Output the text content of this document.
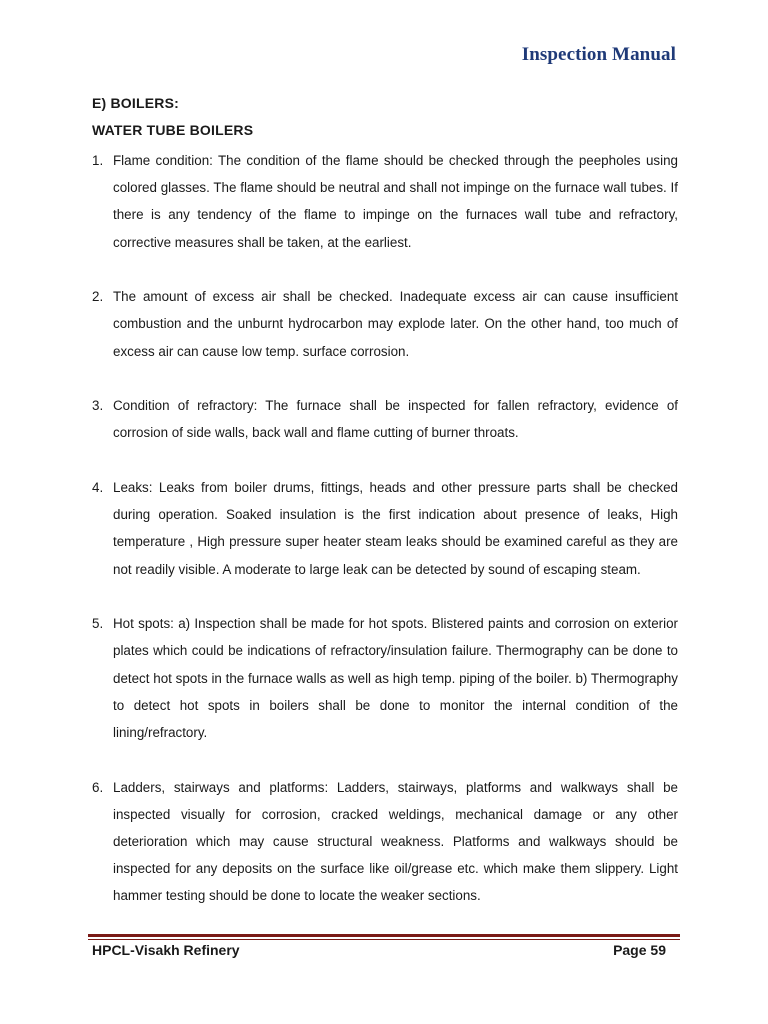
Inspection Manual
E) BOILERS:
WATER TUBE BOILERS

1. Flame condition: The condition of the flame should be checked through the peepholes using colored glasses. The flame should be neutral and shall not impinge on the furnace wall tubes. If there is any tendency of the flame to impinge on the furnaces wall tube and refractory, corrective measures shall be taken, at the earliest.

2. The amount of excess air shall be checked. Inadequate excess air can cause insufficient combustion and the unburnt hydrocarbon may explode later. On the other hand, too much of excess air can cause low temp. surface corrosion.

3. Condition of refractory: The furnace shall be inspected for fallen refractory, evidence of corrosion of side walls, back wall and flame cutting of burner throats.

4. Leaks: Leaks from boiler drums, fittings, heads and other pressure parts shall be checked during operation. Soaked insulation is the first indication about presence of leaks, High temperature , High pressure super heater steam leaks should be examined careful as they are not readily visible. A moderate to large leak can be detected by sound of escaping steam.

5. Hot spots: a) Inspection shall be made for hot spots. Blistered paints and corrosion on exterior plates which could be indications of refractory/insulation failure. Thermography can be done to detect hot spots in the furnace walls as well as high temp. piping of the boiler. b) Thermography to detect hot spots in boilers shall be done to monitor the internal condition of the lining/refractory.

6. Ladders, stairways and platforms: Ladders, stairways, platforms and walkways shall be inspected visually for corrosion, cracked weldings, mechanical damage or any other deterioration which may cause structural weakness. Platforms and walkways should be inspected for any deposits on the surface like oil/grease etc. which make them slippery. Light hammer testing should be done to locate the weaker sections.

HPCL-Visakh Refinery	Page 59
